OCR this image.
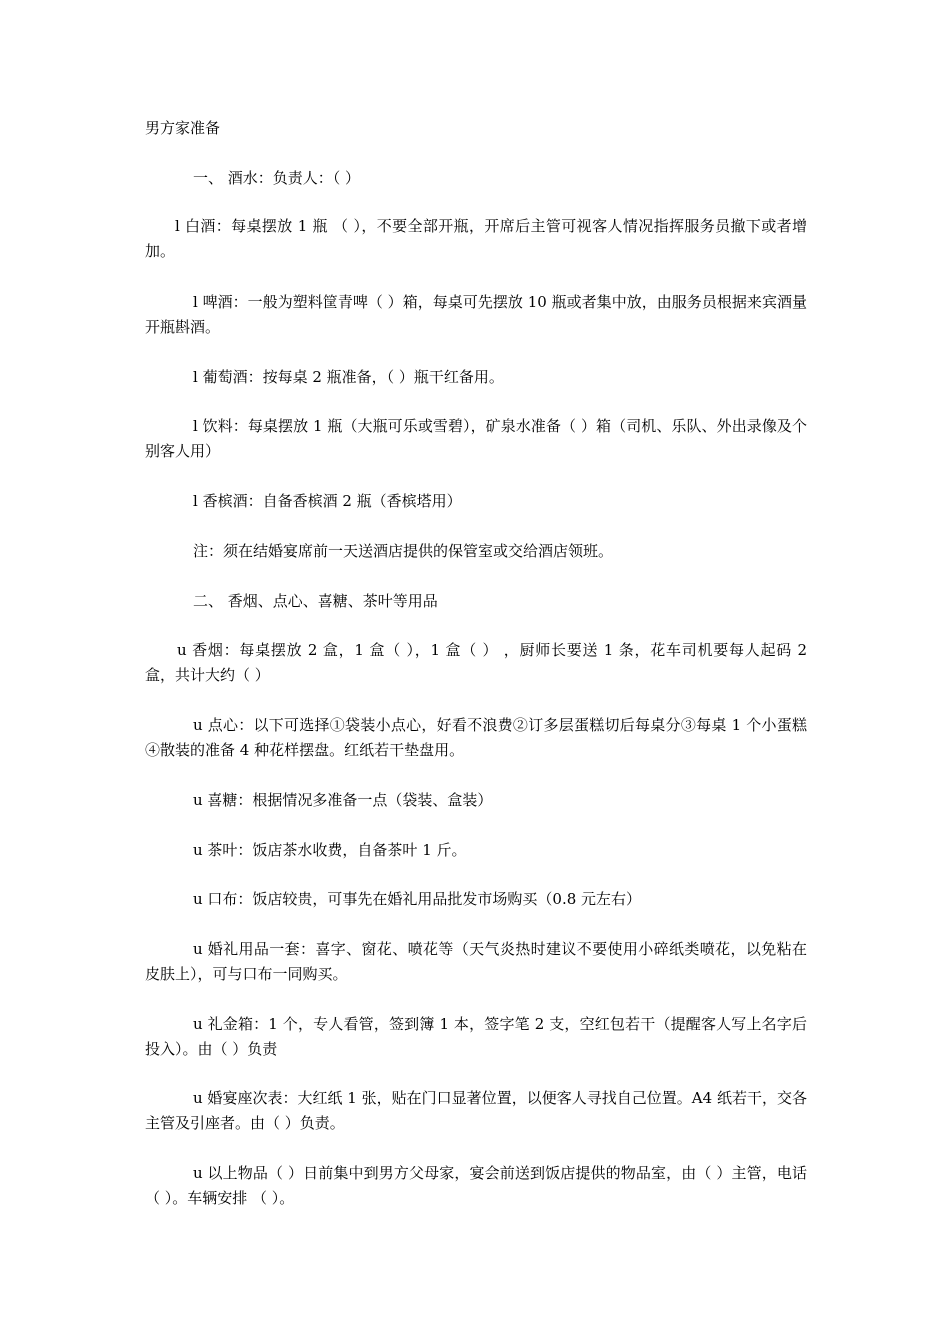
男方家准备

一、 酒水：负责人：（ ）

l 白酒：每桌摆放 1 瓶 （ ），不要全部开瓶，开席后主管可视客人情况指挥服务员撤下或者增加。

l 啤酒：一般为塑料筐青啤（ ）箱，每桌可先摆放 10 瓶或者集中放，由服务员根据来宾酒量开瓶斟酒。

l 葡萄酒：按每桌 2 瓶准备，（ ）瓶干红备用。

l 饮料：每桌摆放 1 瓶（大瓶可乐或雪碧），矿泉水准备（ ）箱（司机、乐队、外出录像及个别客人用）

l 香槟酒：自备香槟酒 2 瓶（香槟塔用）

注：须在结婚宴席前一天送酒店提供的保管室或交给酒店领班。

二、 香烟、点心、喜糖、茶叶等用品

u 香烟：每桌摆放 2 盒，1 盒（ ），1 盒（ ） ，厨师长要送 1 条，花车司机要每人起码 2 盒，共计大约（ ）

u 点心：以下可选择①袋装小点心，好看不浪费②订多层蛋糕切后每桌分③每桌 1 个小蛋糕④散装的准备 4 种花样摆盘。红纸若干垫盘用。

u 喜糖：根据情况多准备一点（袋装、盒装）

u 茶叶：饭店茶水收费，自备茶叶 1 斤。

u 口布：饭店较贵，可事先在婚礼用品批发市场购买（0.8 元左右）

u 婚礼用品一套：喜字、窗花、喷花等（天气炎热时建议不要使用小碎纸类喷花，以免粘在皮肤上），可与口布一同购买。

u 礼金箱：1 个，专人看管，签到簿 1 本，签字笔 2 支，空红包若干（提醒客人写上名字后投入）。由（ ）负责

u 婚宴座次表：大红纸 1 张，贴在门口显著位置，以便客人寻找自己位置。A4 纸若干，交各主管及引座者。由（ ）负责。

u 以上物品（ ）日前集中到男方父母家，宴会前送到饭店提供的物品室，由（ ）主管，电话（ ）。车辆安排 （ ）。
